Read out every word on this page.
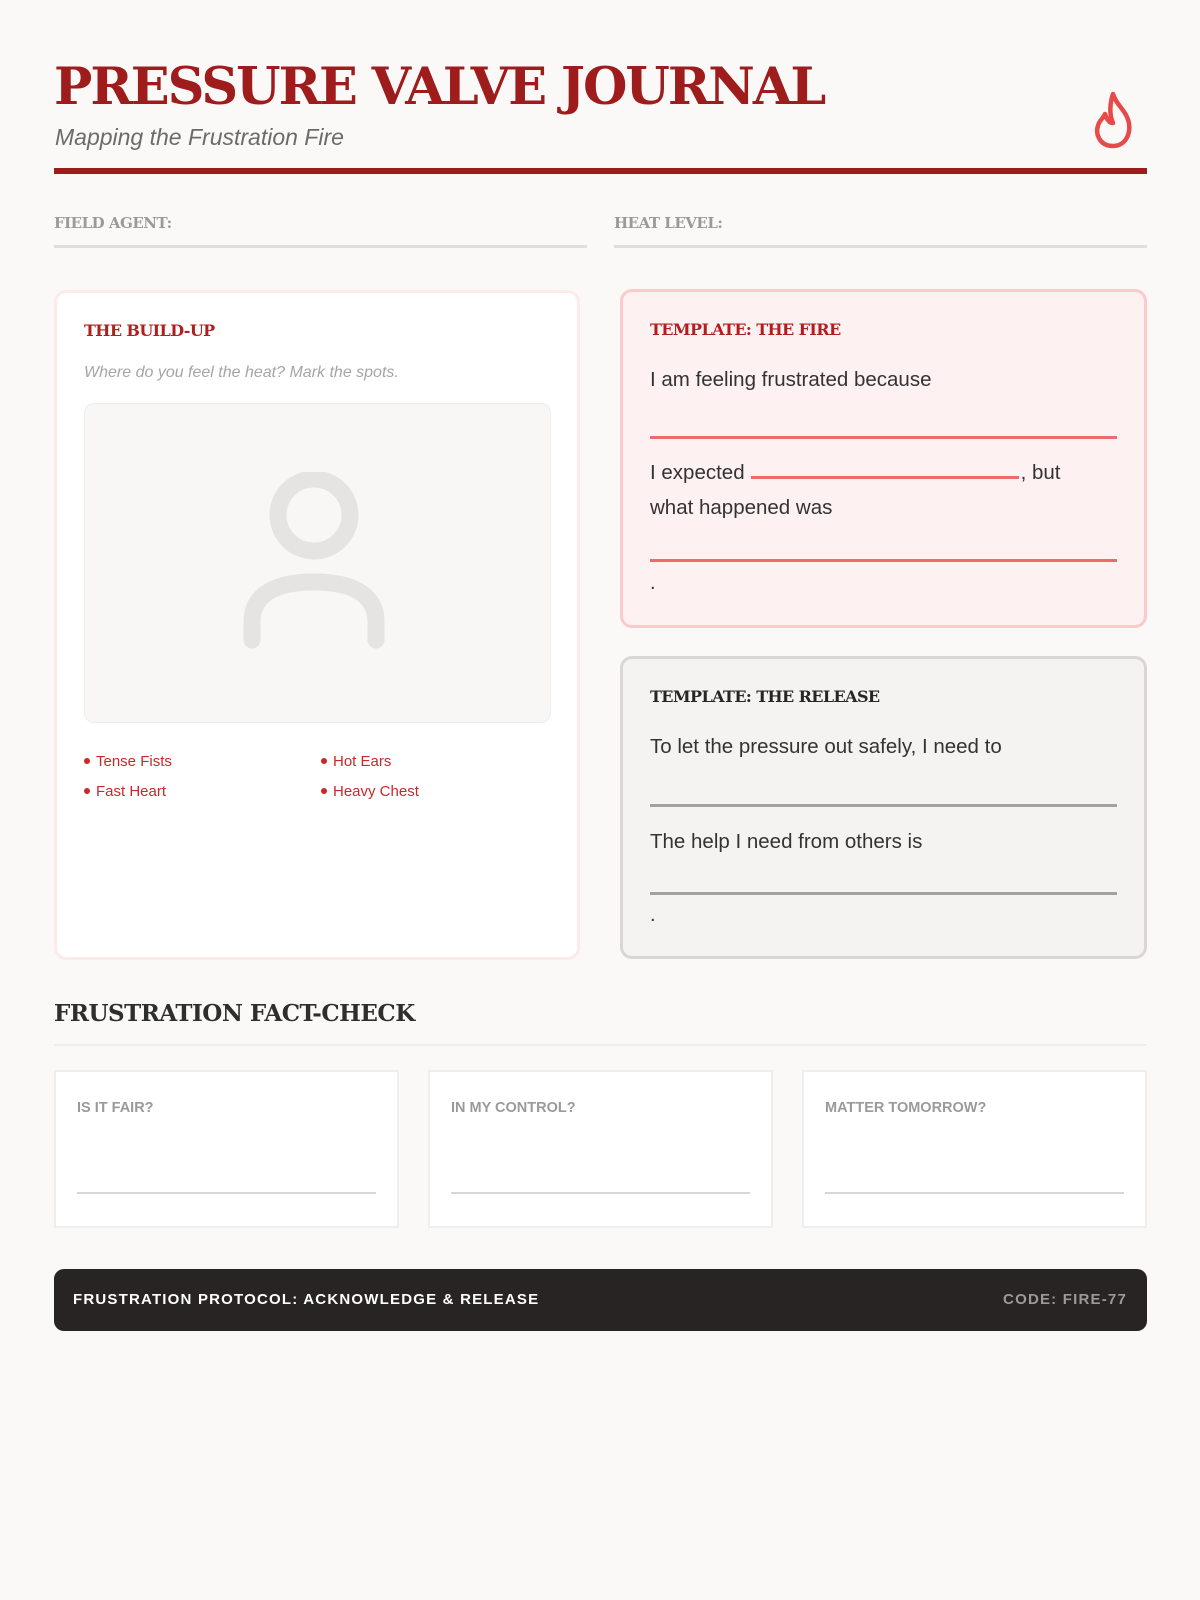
PRESSURE VALVE JOURNAL
Mapping the Frustration Fire
FIELD AGENT:	HEAT LEVEL:
THE BUILD-UP
Where do you feel the heat? Mark the spots.
Tense Fists	Hot Ears
Fast Heart	Heavy Chest
TEMPLATE: THE FIRE
I am feeling frustrated because
I expected	, but
what happened was
.
TEMPLATE: THE RELEASE
To let the pressure out safely, I need to
The help I need from others is
.
FRUSTRATION FACT-CHECK
IS IT FAIR?	IN MY CONTROL?	MATTER TOMORROW?
FRUSTRATION PROTOCOL: ACKNOWLEDGE & RELEASE	CODE: FIRE-77
